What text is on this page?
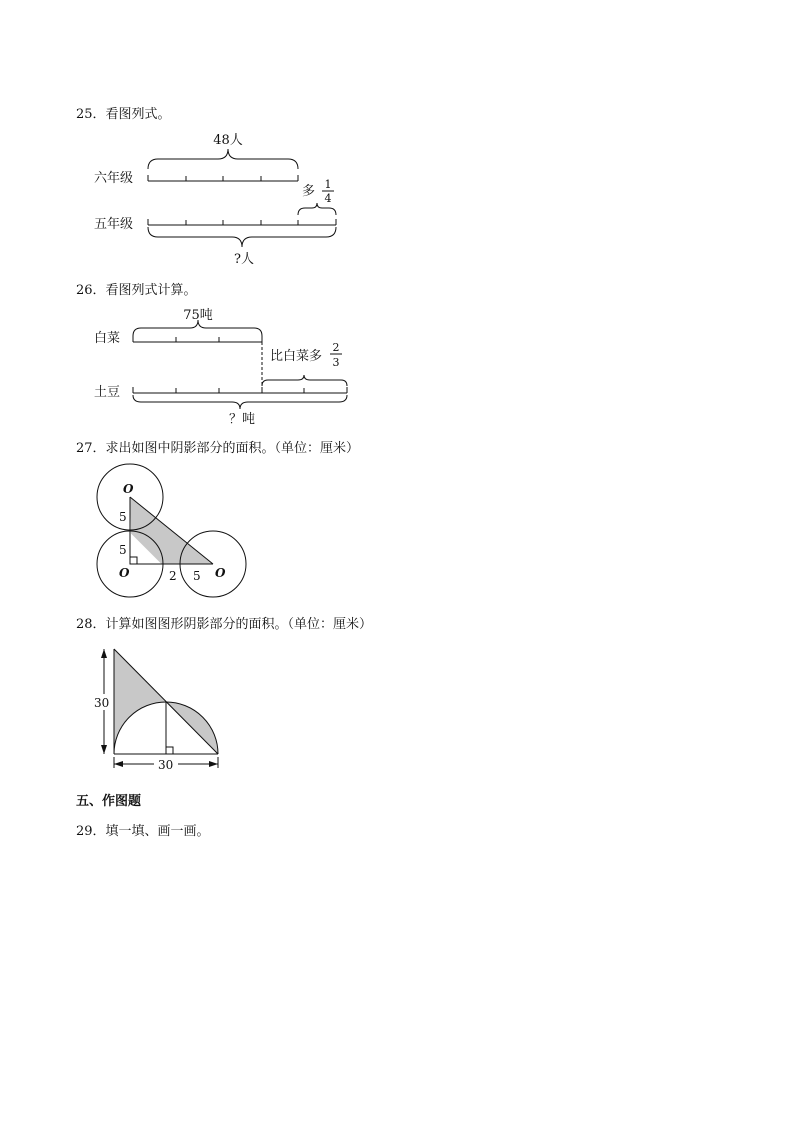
25．看图列式。
48人
六年级
多 1
4
五年级
?人
26．看图列式计算。
75吨
白菜
比白菜多
2
3
土豆
？吨
27．求出如图中阴影部分的面积。（单位：厘米）
O
5
5
O	2 5 O
28．计算如图图形阴影部分的面积。（单位：厘米）
30
30
五、作图题
29．填一填、画一画。
